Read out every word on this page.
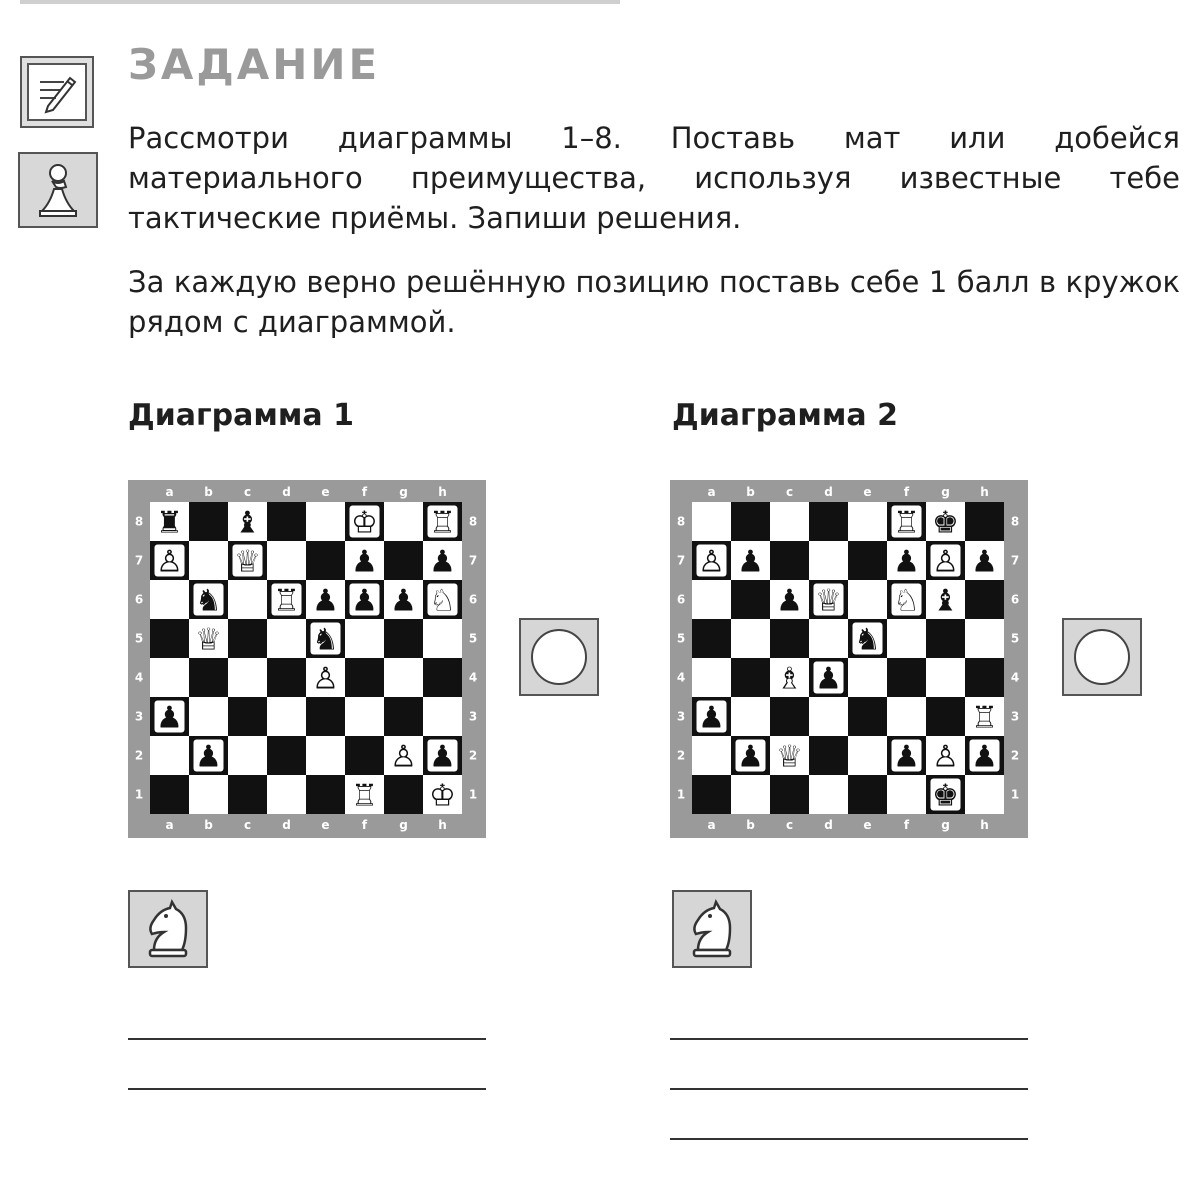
ЗАДАНИЕ

Рассмотри диаграммы 1–8. Поставь мат или добейся материального преимущества, используя известные тебе тактические приёмы. Запиши решения.

За каждую верно решённую позицию поставь себе 1 балл в кружок рядом с диаграммой.

Диаграмма 1
a
a
b
b
c
c
d
d
e
e
f
f
g
g
h
h
8	8
7	7
6	6
5	5
4	4
3	3
2	2
1	1
♜ ♝	♔ ♖
♙ ♕	♟ ♟
♞ ♖ ♟ ♟ ♟ ♘
♕	♞
♙
♟
♟	♙ ♟
♖ ♔
Диаграмма 2
a
a
b
b
c
c
d
d
e
e
f
f
g
g
h
h
8	8
7	7
6	6
5	5
4	4
3	3
2	2
1	1
♖ ♚
♙ ♟	♟ ♙ ♟
♟ ♕ ♘ ♝
♞
♗ ♟
♟	♖
♟ ♕	♟ ♙ ♟
♚
